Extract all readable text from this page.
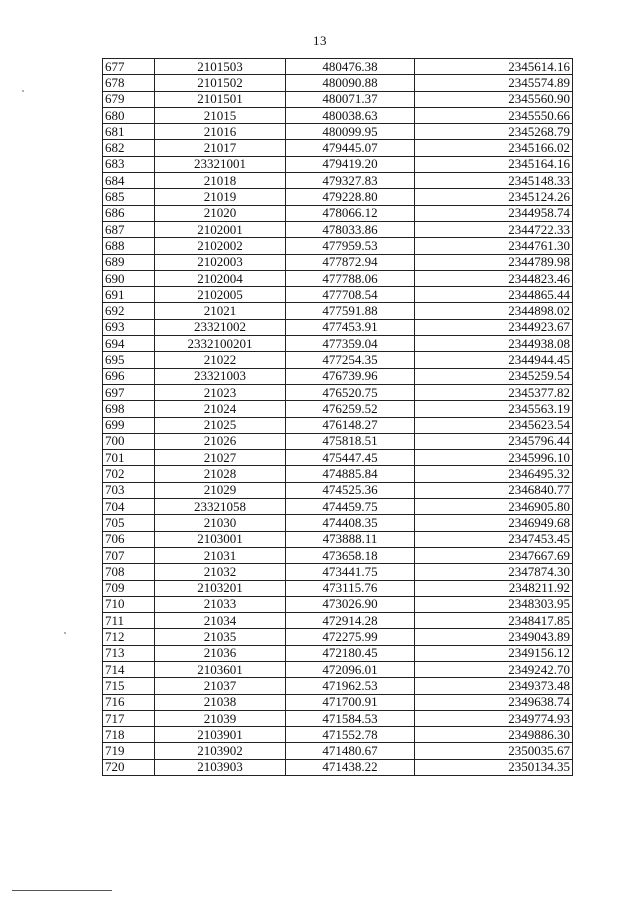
13
677	2101503	480476.38	2345614.16
678	2101502	480090.88	2345574.89
679	2101501	480071.37	2345560.90
680	21015	480038.63	2345550.66
681	21016	480099.95	2345268.79
682	21017	479445.07	2345166.02
683	23321001	479419.20	2345164.16
684	21018	479327.83	2345148.33
685	21019	479228.80	2345124.26
686	21020	478066.12	2344958.74
687	2102001	478033.86	2344722.33
688	2102002	477959.53	2344761.30
689	2102003	477872.94	2344789.98
690	2102004	477788.06	2344823.46
691	2102005	477708.54	2344865.44
692	21021	477591.88	2344898.02
693	23321002	477453.91	2344923.67
694	2332100201	477359.04	2344938.08
695	21022	477254.35	2344944.45
696	23321003	476739.96	2345259.54
697	21023	476520.75	2345377.82
698	21024	476259.52	2345563.19
699	21025	476148.27	2345623.54
700	21026	475818.51	2345796.44
701	21027	475447.45	2345996.10
702	21028	474885.84	2346495.32
703	21029	474525.36	2346840.77
704	23321058	474459.75	2346905.80
705	21030	474408.35	2346949.68
706	2103001	473888.11	2347453.45
707	21031	473658.18	2347667.69
708	21032	473441.75	2347874.30
709	2103201	473115.76	2348211.92
710	21033	473026.90	2348303.95
711	21034	472914.28	2348417.85
712	21035	472275.99	2349043.89
713	21036	472180.45	2349156.12
714	2103601	472096.01	2349242.70
715	21037	471962.53	2349373.48
716	21038	471700.91	2349638.74
717	21039	471584.53	2349774.93
718	2103901	471552.78	2349886.30
719	2103902	471480.67	2350035.67
720	2103903	471438.22	2350134.35
